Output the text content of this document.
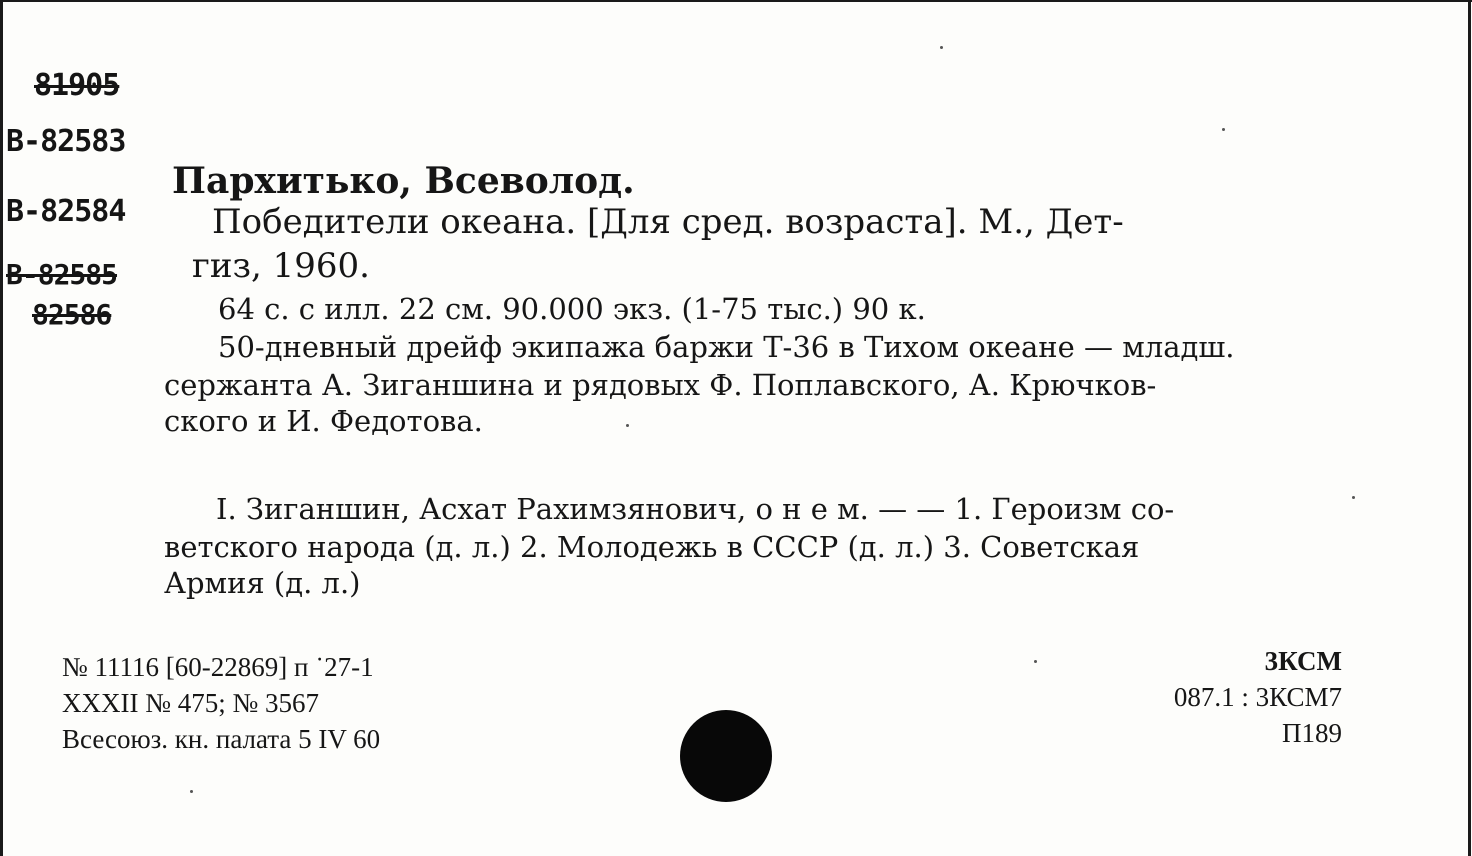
81905
B-82583
B-82584
B-82585
82586
Пархитько, Всеволод.
Победители океана. [Для сред. возраста]. М., Дет-
гиз, 1960.
64 с. с илл. 22 см. 90.000 экз. (1-75 тыс.) 90 к.
50-дневный дрейф экипажа баржи Т-36 в Тихом океане — младш.
сержанта А. Зиганшина и рядовых Ф. Поплавского, А. Крючков-
ского и И. Федотова.
I. Зиганшин, Асхат Рахимзянович, о н е м. — — 1. Героизм со-
ветского народа (д. л.) 2. Молодежь в СССР (д. л.) 3. Советская
Армия (д. л.)
№ 11116 [60-22869] п ˙27-1
XXXII № 475; № 3567
Всесоюз. кн. палата 5 IV 60
3КСМ
087.1 : 3КСМ7
П189
